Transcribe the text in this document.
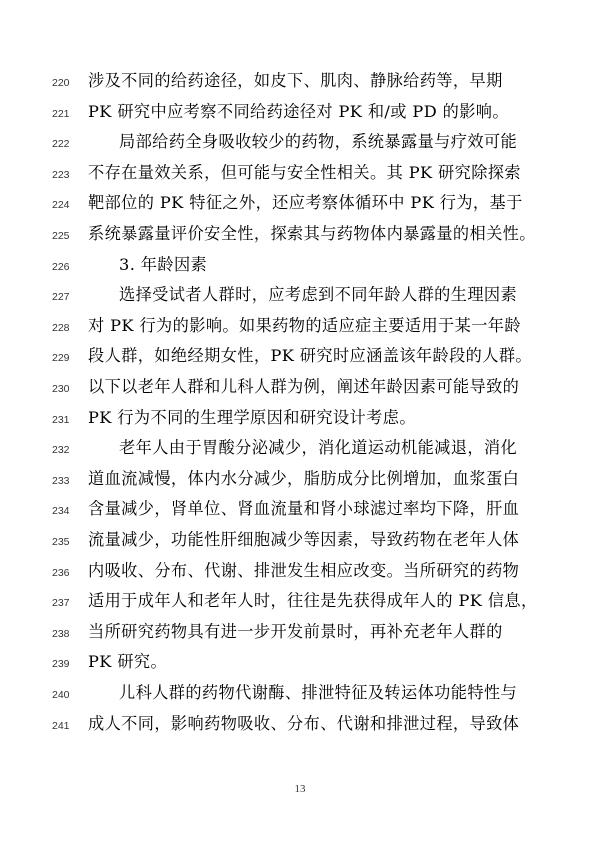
220 涉及不同的给药途径，如皮下、肌肉、静脉给药等，早期
221 PK 研究中应考察不同给药途径对 PK 和/或 PD 的影响。
222	局部给药全身吸收较少的药物，系统暴露量与疗效可能
223 不存在量效关系，但可能与安全性相关。其 PK 研究除探索
224 靶部位的 PK 特征之外，还应考察体循环中 PK 行为，基于
225 系统暴露量评价安全性，探索其与药物体内暴露量的相关性。
226	3. 年龄因素
227	选择受试者人群时，应考虑到不同年龄人群的生理因素
228 对 PK 行为的影响。如果药物的适应症主要适用于某一年龄
229 段人群，如绝经期女性，PK 研究时应涵盖该年龄段的人群。
230 以下以老年人群和儿科人群为例，阐述年龄因素可能导致的
231 PK 行为不同的生理学原因和研究设计考虑。
232	老年人由于胃酸分泌减少，消化道运动机能减退，消化
233 道血流减慢，体内水分减少，脂肪成分比例增加，血浆蛋白
234 含量减少，肾单位、肾血流量和肾小球滤过率均下降，肝血
235 流量减少，功能性肝细胞减少等因素，导致药物在老年人体
236 内吸收、分布、代谢、排泄发生相应改变。当所研究的药物
237 适用于成年人和老年人时，往往是先获得成年人的 PK 信息，
238 当所研究药物具有进一步开发前景时，再补充老年人群的
239 PK 研究。
240	儿科人群的药物代谢酶、排泄特征及转运体功能特性与
241 成人不同，影响药物吸收、分布、代谢和排泄过程，导致体
13
